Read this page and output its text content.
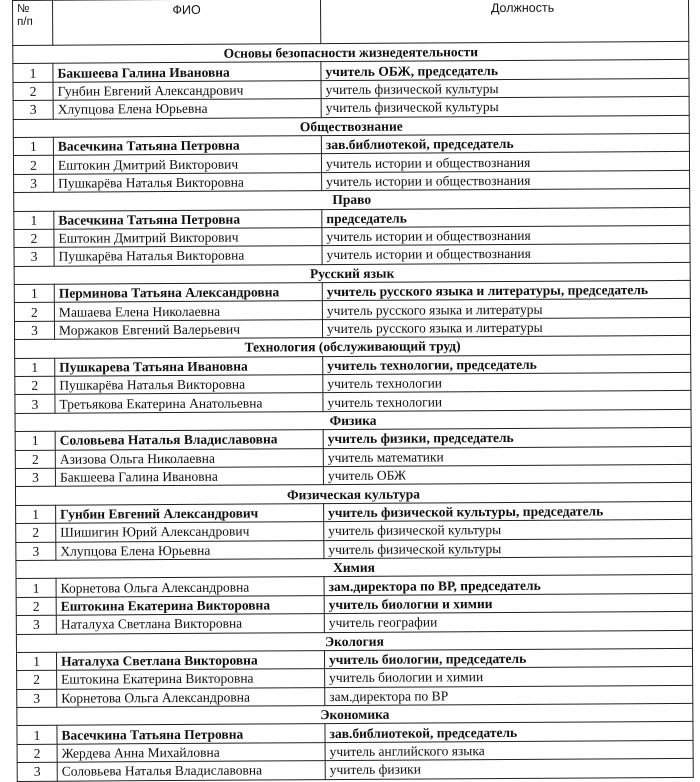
№
п/п	ФИО	Должность
Основы безопасности жизнедеятельности		
1	Бакшеева Галина Ивановна	учитель ОБЖ, председатель
2	Гунбин Евгений Александрович	учитель физической культуры
3	Хлупцова Елена Юрьевна	учитель физической культуры
Обществознание		
1	Васечкина Татьяна Петровна	зав.библиотекой, председатель
2	Ештокин Дмитрий Викторович	учитель истории и обществознания
3	Пушкарёва Наталья Викторовна	учитель истории и обществознания
Право		
1	Васечкина Татьяна Петровна	председатель
2	Ештокин Дмитрий Викторович	учитель истории и обществознания
3	Пушкарёва Наталья Викторовна	учитель истории и обществознания
Русский язык		
1	Перминова Татьяна Александровна	учитель русского языка и литературы, председатель
2	Машаева Елена Николаевна	учитель русского языка и литературы
3	Моржаков Евгений Валерьевич	учитель русского языка и литературы
Технология (обслуживающий труд)		
1	Пушкарева Татьяна Ивановна	учитель технологии, председатель
2	Пушкарёва Наталья Викторовна	учитель технологии
3	Третьякова Екатерина Анатольевна	учитель технологии
Физика		
1	Соловьева Наталья Владиславовна	учитель физики, председатель
2	Азизова Ольга Николаевна	учитель математики
3	Бакшеева Галина Ивановна	учитель ОБЖ
Физическая культура		
1	Гунбин Евгений Александрович	учитель физической культуры, председатель
2	Шишигин Юрий Александрович	учитель физической культуры
3	Хлупцова Елена Юрьевна	учитель физической культуры
Химия		
1	Корнетова Ольга Александровна	зам.директора по ВР, председатель
2	Ештокина Екатерина Викторовна	учитель биологии и химии
3	Наталуха Светлана Викторовна	учитель географии
Экология		
1	Наталуха Светлана Викторовна	учитель биологии, председатель
2	Ештокина Екатерина Викторовна	учитель биологии и химии
3	Корнетова Ольга Александровна	зам.директора по ВР
Экономика		
1	Васечкина Татьяна Петровна	зав.библиотекой, председатель
2	Жердева Анна Михайловна	учитель английского языка
3	Соловьева Наталья Владиславовна	учитель физики
